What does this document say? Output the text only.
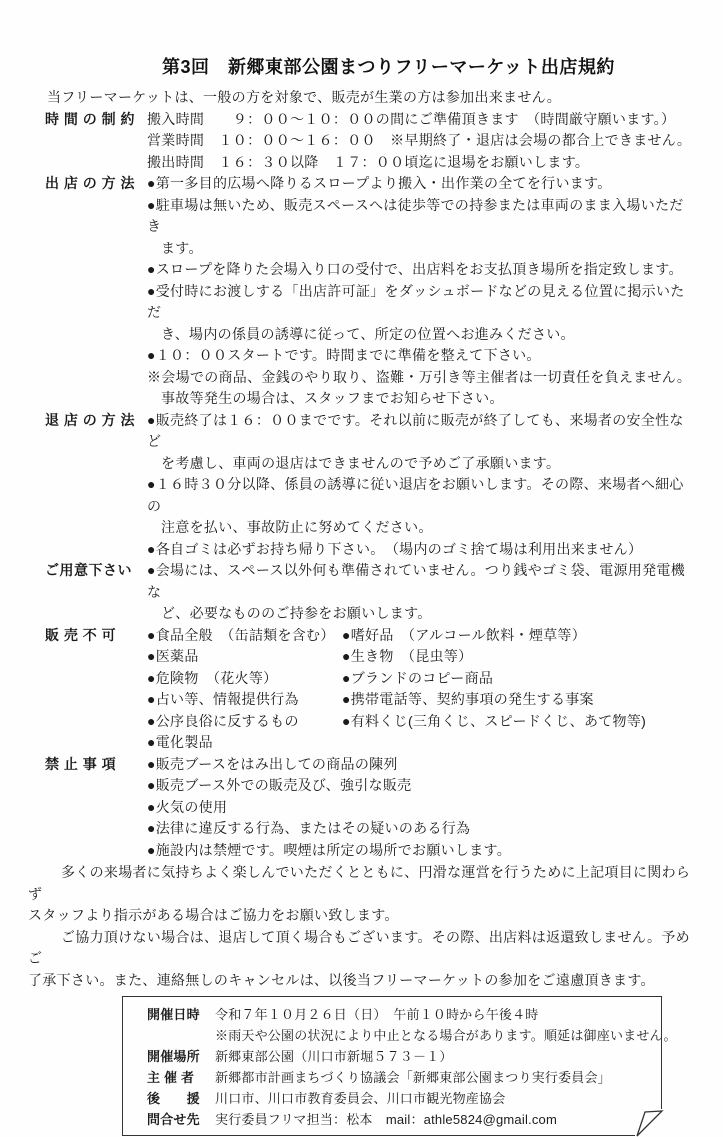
第3回　新郷東部公園まつりフリーマーケット出店規約

当フリーマーケットは、一般の方を対象で、販売が生業の方は参加出来ません。

時 間 の 制 約 搬入時間　　９：００～１０：００の間にご準備頂きます　（時間厳守願います。）
営業時間　１０：００～１６：００　※早期終了・退店は会場の都合上できません。
搬出時間　１６：３０以降　１７：００頃迄に退場をお願いします。
出 店 の 方 法 ●第一多目的広場へ降りるスロープより搬入・出作業の全てを行います。
●駐車場は無いため、販売スペースへは徒歩等での持参または車両のまま入場いただき
ます。
●スロープを降りた会場入り口の受付で、出店料をお支払頂き場所を指定致します。
●受付時にお渡しする「出店許可証」をダッシュボードなどの見える位置に掲示いただ
き、場内の係員の誘導に従って、所定の位置へお進みください。
●１０：００スタートです。時間までに準備を整えて下さい。
※会場での商品、金銭のやり取り、盗難・万引き等主催者は一切責任を負えません。
事故等発生の場合は、スタッフまでお知らせ下さい。
退 店 の 方 法 ●販売終了は１６：００までです。それ以前に販売が終了しても、来場者の安全性など
を考慮し、車両の退店はできませんので予めご了承願います。
●１６時３０分以降、係員の誘導に従い退店をお願いします。その際、来場者へ細心の
注意を払い、事故防止に努めてください。
●各自ゴミは必ずお持ち帰り下さい。　（場内のゴミ捨て場は利用出来ません）
ご用意下さい	●会場には、スペース以外何も準備されていません。つり銭やゴミ袋、電源用発電機な
ど、必要なもののご持参をお願いします。
販 売 不 可	●食品全般　（缶詰類を含む） ●嗜好品　（アルコール飲料・煙草等）
●医薬品	●生き物　（昆虫等）
●危険物　（花火等）	●ブランドのコピー商品
●占い等、情報提供行為	●携帯電話等、契約事項の発生する事案
●公序良俗に反するもの	●有料くじ(三角くじ、スピードくじ、あて物等)
●電化製品
禁 止 事 項	●販売ブースをはみ出しての商品の陳列
●販売ブース外での販売及び、強引な販売
●火気の使用
●法律に違反する行為、またはその疑いのある行為
●施設内は禁煙です。喫煙は所定の場所でお願いします。
多くの来場者に気持ちよく楽しんでいただくとともに、円滑な運営を行うために上記項目に関わらず
スタッフより指示がある場合はご協力をお願い致します。
ご協力頂けない場合は、退店して頂く場合もございます。その際、出店料は返還致しません。予めご
了承下さい。また、連絡無しのキャンセルは、以後当フリーマーケットの参加をご遠慮頂きます。
開催日時 令和７年１０月２６日（日）　午前１０時から午後４時
※雨天や公園の状況により中止となる場合があります。順延は御座いません。
開催場所 新郷東部公園（川口市新堀５７３－１）
主 催 者	新郷都市計画まちづくり協議会「新郷東部公園まつり実行委員会」
後　　援 川口市、川口市教育委員会、川口市観光物産協会
問合せ先 実行委員フリマ担当：松本　mail：athle5824@gmail.com
